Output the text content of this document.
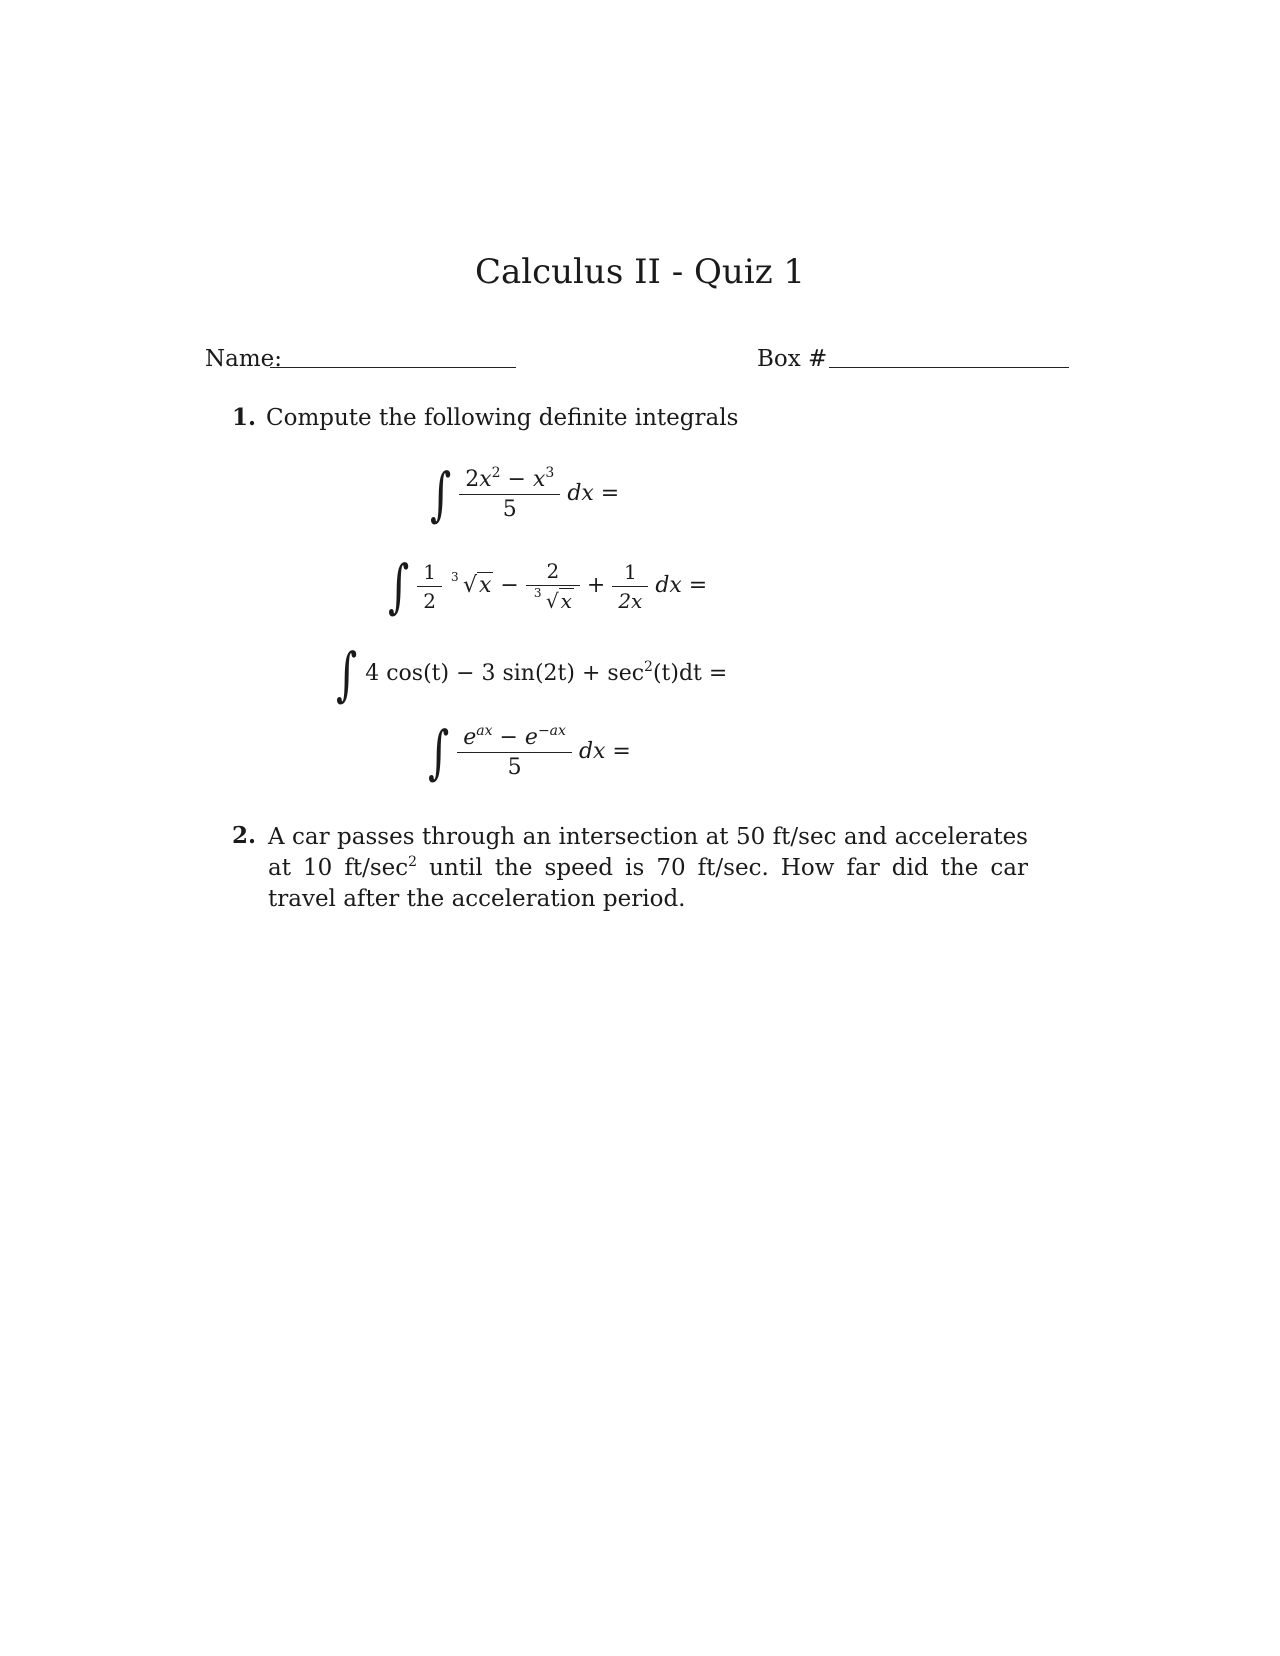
Calculus II - Quiz 1
Name:	Box #
1. Compute the following definite integrals
∫ $\frac{2x^2 - x^3}{5}$ dx =
∫ $\frac{1}{2}$
3 $√x - \frac{2}{3 √ x} + \frac{1}{2x}$ dx =
∫ 4 cos(t) − 3 $\sin(2t) + \sec^2(t)dt$ =
∫ $\frac{e^{ax} - e^{-ax}}{5}$ dx =
2. A car passes through an intersection at 50 ft/sec and accelerates at 10 $ft/\sec^2$ until the speed is 70 ft/sec. How far did the car travel after the acceleration period.
